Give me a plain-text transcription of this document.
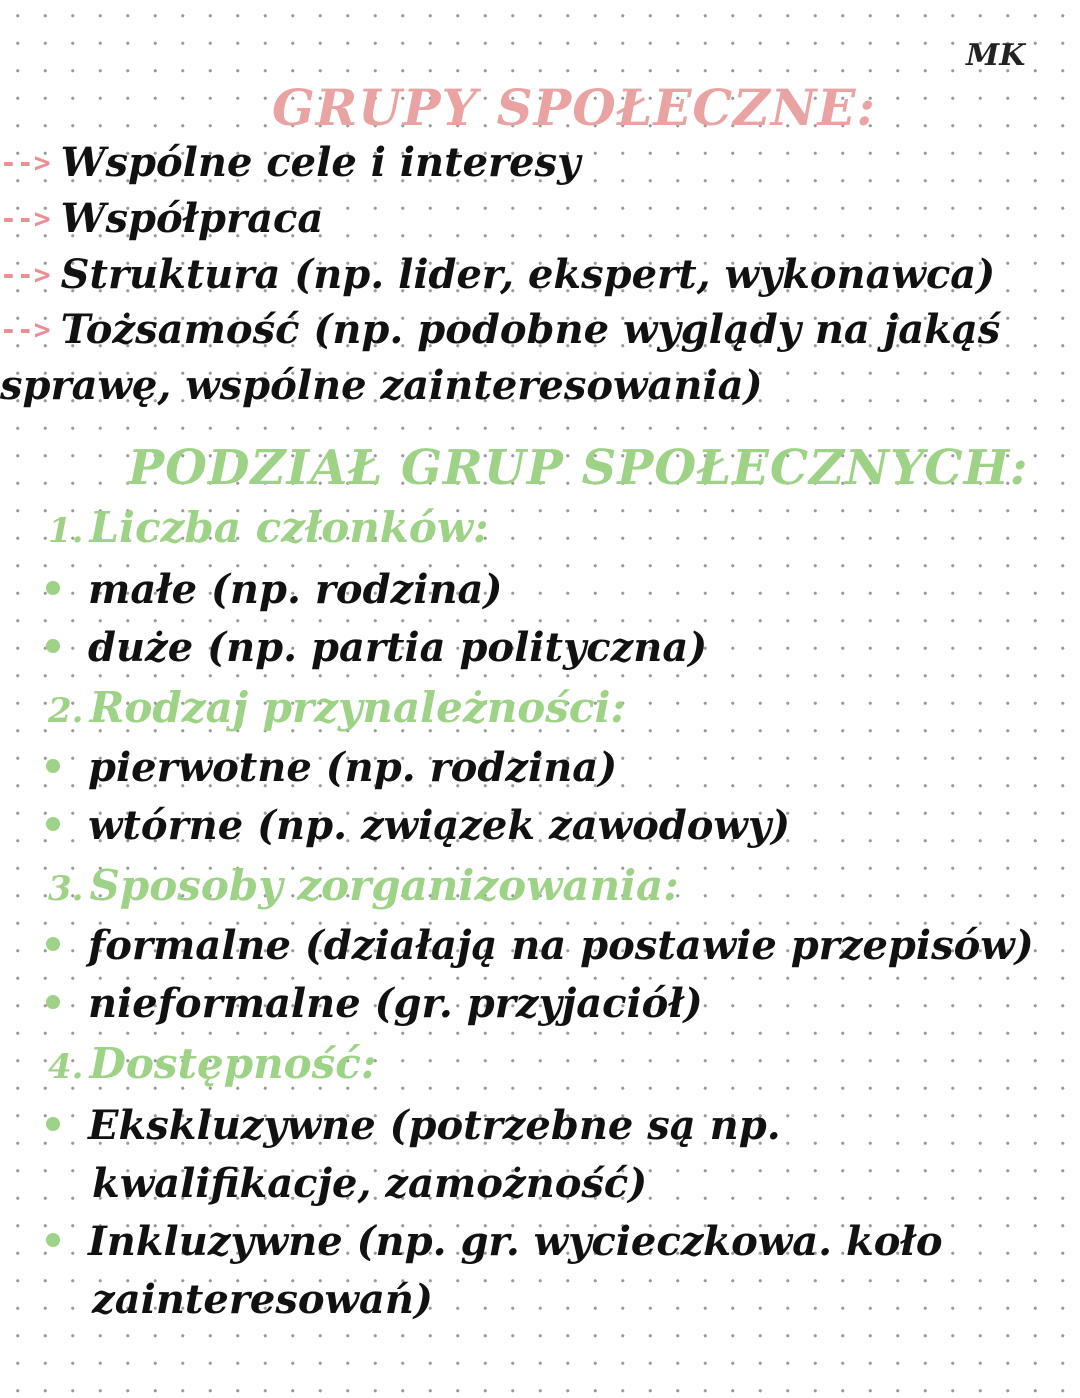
MK
GRUPY SPOŁECZNE:
--> Wspólne cele i interesy
--> Współpraca
--> Struktura (np. lider, ekspert, wykonawca)
--> Tożsamość (np. podobne wyglądy na jakąś
sprawę, wspólne zainteresowania)
PODZIAŁ GRUP SPOŁECZNYCH:
1. Liczba członków:
małe (np. rodzina)
duże (np. partia polityczna)
2. Rodzaj przynależności:
pierwotne (np. rodzina)
wtórne (np. związek zawodowy)
3. Sposoby zorganizowania:
formalne (działają na postawie przepisów)
nieformalne (gr. przyjaciół)
4. Dostępność:
Ekskluzywne (potrzebne są np.
kwalifikacje, zamożność)
Inkluzywne (np. gr. wycieczkowa. koło
zainteresowań)
